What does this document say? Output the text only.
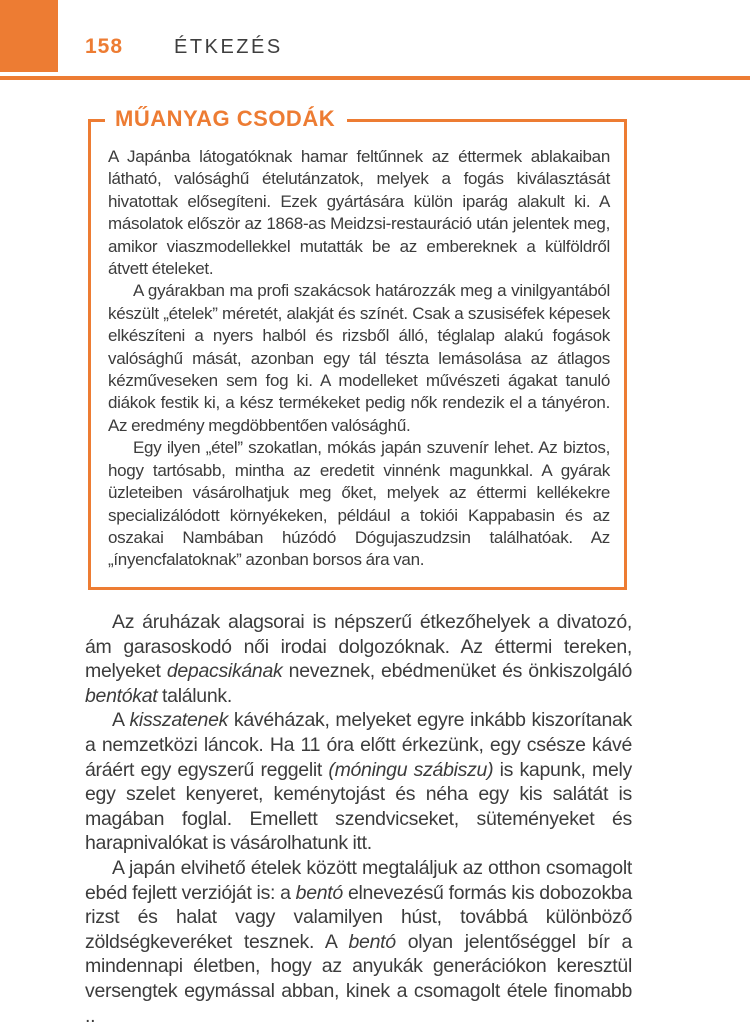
158	ÉTKEZÉS
MŰANYAG CSODÁK

A Japánba látogatóknak hamar feltűnnek az éttermek ablakaiban látható, valósághű ételutánzatok, melyek a fogás kiválasztását hivatottak elősegíteni. Ezek gyártására külön iparág alakult ki. A másolatok először az 1868-as Meidzsi-restauráció után jelentek meg, amikor viaszmodellekkel mutatták be az embereknek a külföldről átvett ételeket.

A gyárakban ma profi szakácsok határozzák meg a vinilgyantából készült „ételek” méretét, alakját és színét. Csak a szusiséfek képesek elkészíteni a nyers halból és rizsből álló, téglalap alakú fogások valósághű mását, azonban egy tál tészta lemásolása az átlagos kézműveseken sem fog ki. A modelleket művészeti ágakat tanuló diákok festik ki, a kész termékeket pedig nők rendezik el a tányéron. Az eredmény megdöbbentően valósághű.

Egy ilyen „étel” szokatlan, mókás japán szuvenír lehet. Az biztos, hogy tartósabb, mintha az eredetit vinnénk magunkkal. A gyárak üzleteiben vásárolhatjuk meg őket, melyek az éttermi kellékekre specializálódott környékeken, például a tokiói Kappabasin és az oszakai Nambában húzódó Dógujaszudzsin találhatóak. Az „ínyencfalatoknak” azonban borsos ára van.

Az áruházak alagsorai is népszerű étkezőhelyek a divatozó, ám garasoskodó női irodai dolgozóknak. Az éttermi tereken, melyeket depacsikának neveznek, ebédmenüket és önkiszolgáló bentókat találunk.

A kisszatenek kávéházak, melyeket egyre inkább kiszorítanak a nemzetközi láncok. Ha 11 óra előtt érkezünk, egy csésze kávé áráért egy egyszerű reggelit (móningu szábiszu) is kapunk, mely egy szelet kenyeret, keménytojást és néha egy kis salátát is magában foglal. Emellett szendvicseket, süteményeket és harapnivalókat is vásárolhatunk itt.

A japán elvihető ételek között megtaláljuk az otthon csomagolt ebéd fejlett verzióját is: a bentó elnevezésű formás kis dobozokba rizst és halat vagy valamilyen húst, továbbá különböző zöldségkeveréket tesznek. A bentó olyan jelentőséggel bír a mindennapi életben, hogy az anyukák generációkon keresztül versengtek egymással abban, kinek a csomagolt étele finomabb ..
